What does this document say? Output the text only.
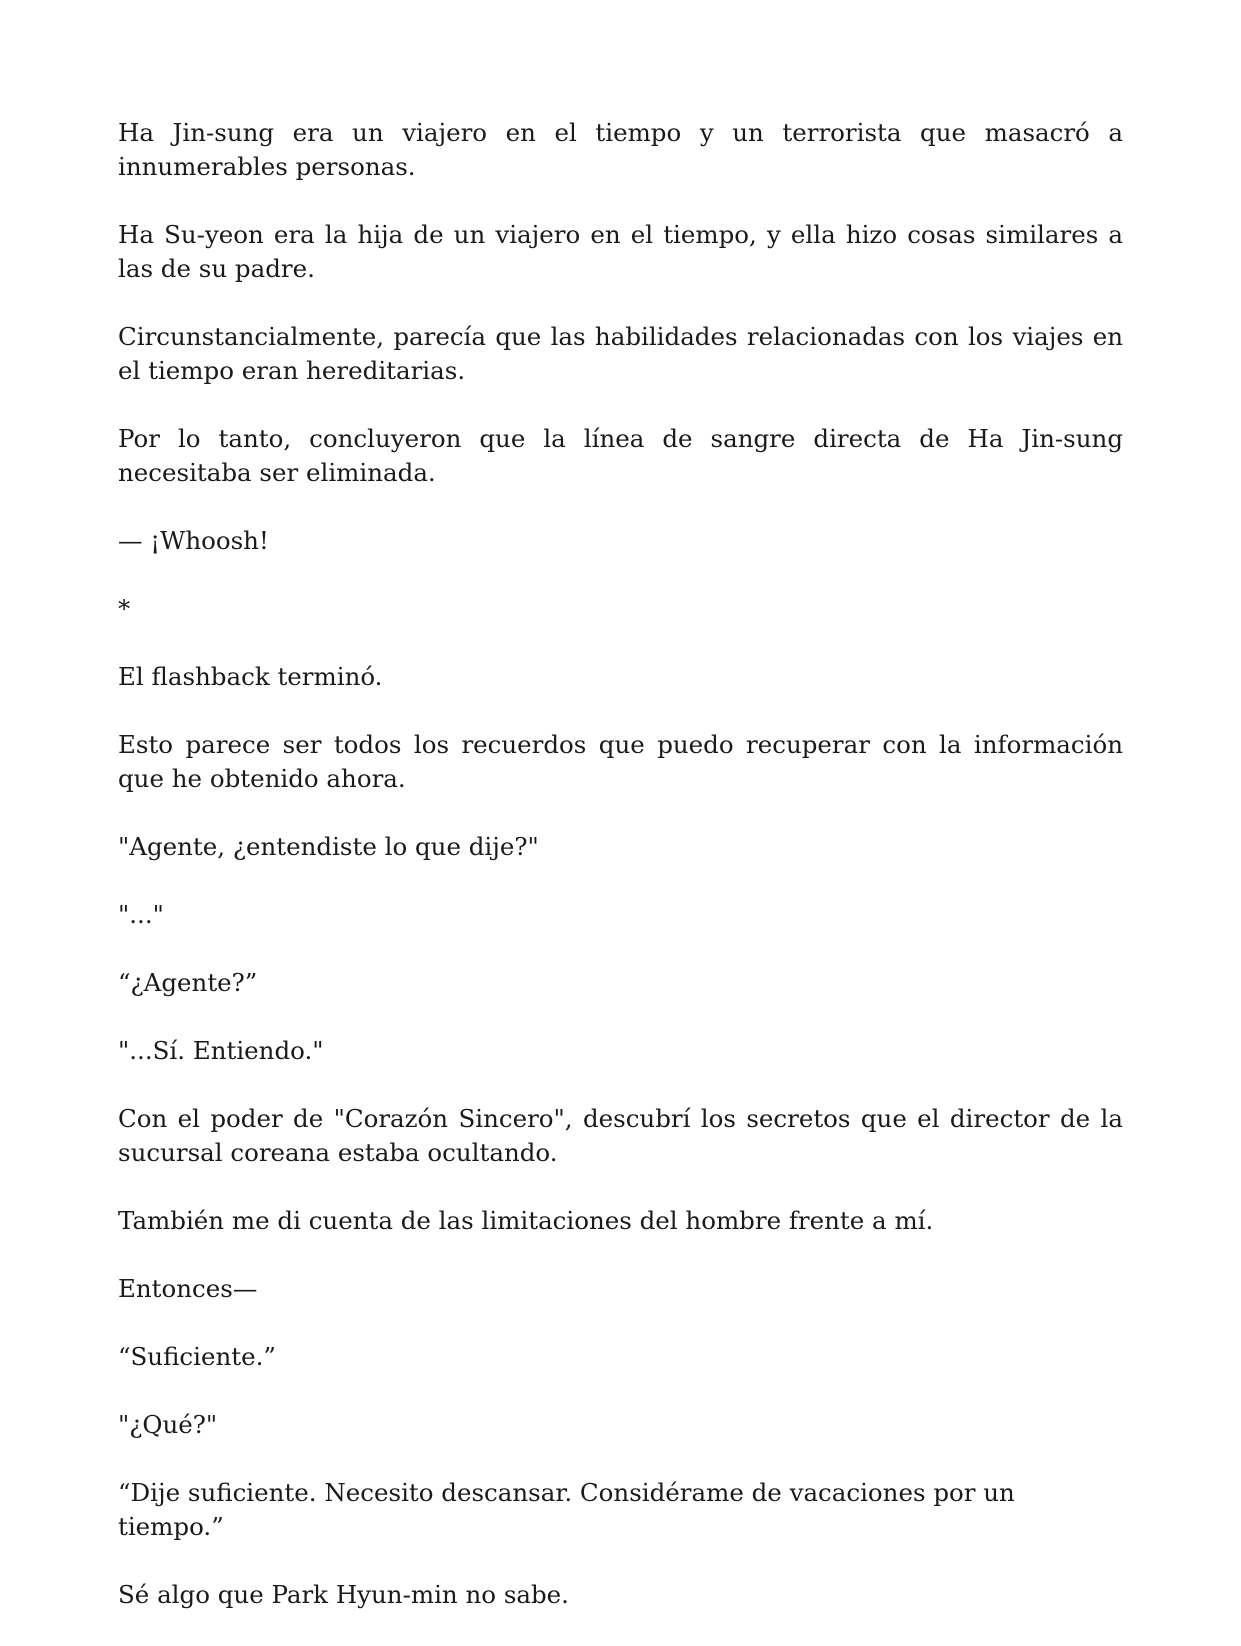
Ha Jin-sung era un viajero en el tiempo y un terrorista que masacró a innumerables personas.

Ha Su-yeon era la hija de un viajero en el tiempo, y ella hizo cosas similares a las de su padre.

Circunstancialmente, parecía que las habilidades relacionadas con los viajes en el tiempo eran hereditarias.

Por lo tanto, concluyeron que la línea de sangre directa de Ha Jin-sung necesitaba ser eliminada.

— ¡Whoosh!

*

El flashback terminó.

Esto parece ser todos los recuerdos que puedo recuperar con la información que he obtenido ahora.

"Agente, ¿entendiste lo que dije?"

"..."

“¿Agente?”

"...Sí. Entiendo."

Con el poder de "Corazón Sincero", descubrí los secretos que el director de la sucursal coreana estaba ocultando.

También me di cuenta de las limitaciones del hombre frente a mí.

Entonces—

“Suficiente.”

"¿Qué?"

“Dije suficiente. Necesito descansar. Considérame de vacaciones por un tiempo.”

Sé algo que Park Hyun-min no sabe.
